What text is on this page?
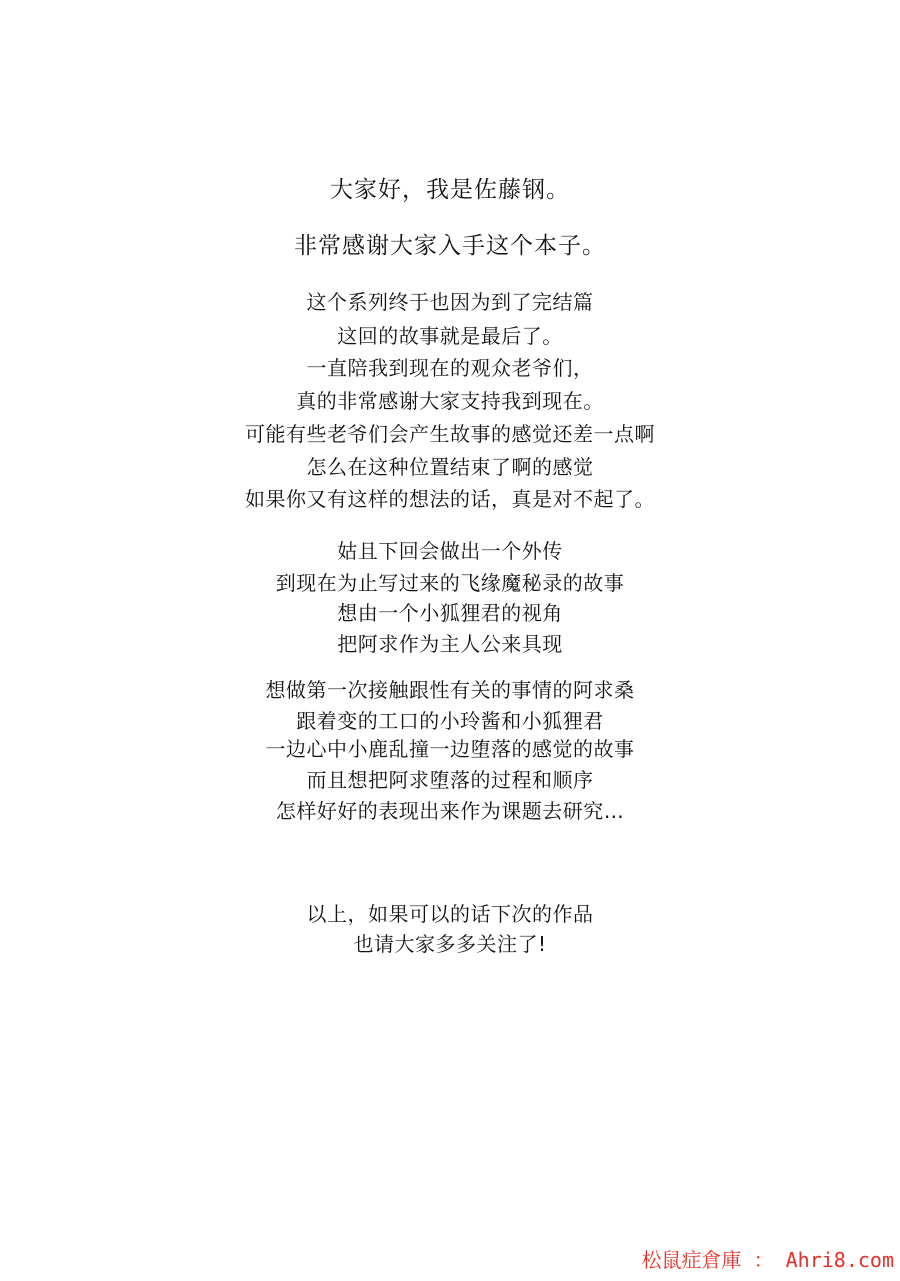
大家好，我是佐藤钢。
非常感谢大家入手这个本子。
这个系列终于也因为到了完结篇
这回的故事就是最后了。
一直陪我到现在的观众老爷们，
真的非常感谢大家支持我到现在。
可能有些老爷们会产生故事的感觉还差一点啊
怎么在这种位置结束了啊的感觉
如果你又有这样的想法的话，真是对不起了。
姑且下回会做出一个外传
到现在为止写过来的飞缘魔秘录的故事
想由一个小狐狸君的视角
把阿求作为主人公来具现
想做第一次接触跟性有关的事情的阿求桑
跟着变的工口的小玲酱和小狐狸君
一边心中小鹿乱撞一边堕落的感觉的故事
而且想把阿求堕落的过程和顺序
怎样好好的表现出来作为课题去研究…
以上，如果可以的话下次的作品
也请大家多多关注了!
松鼠症倉庫 ： Ahri8.com
